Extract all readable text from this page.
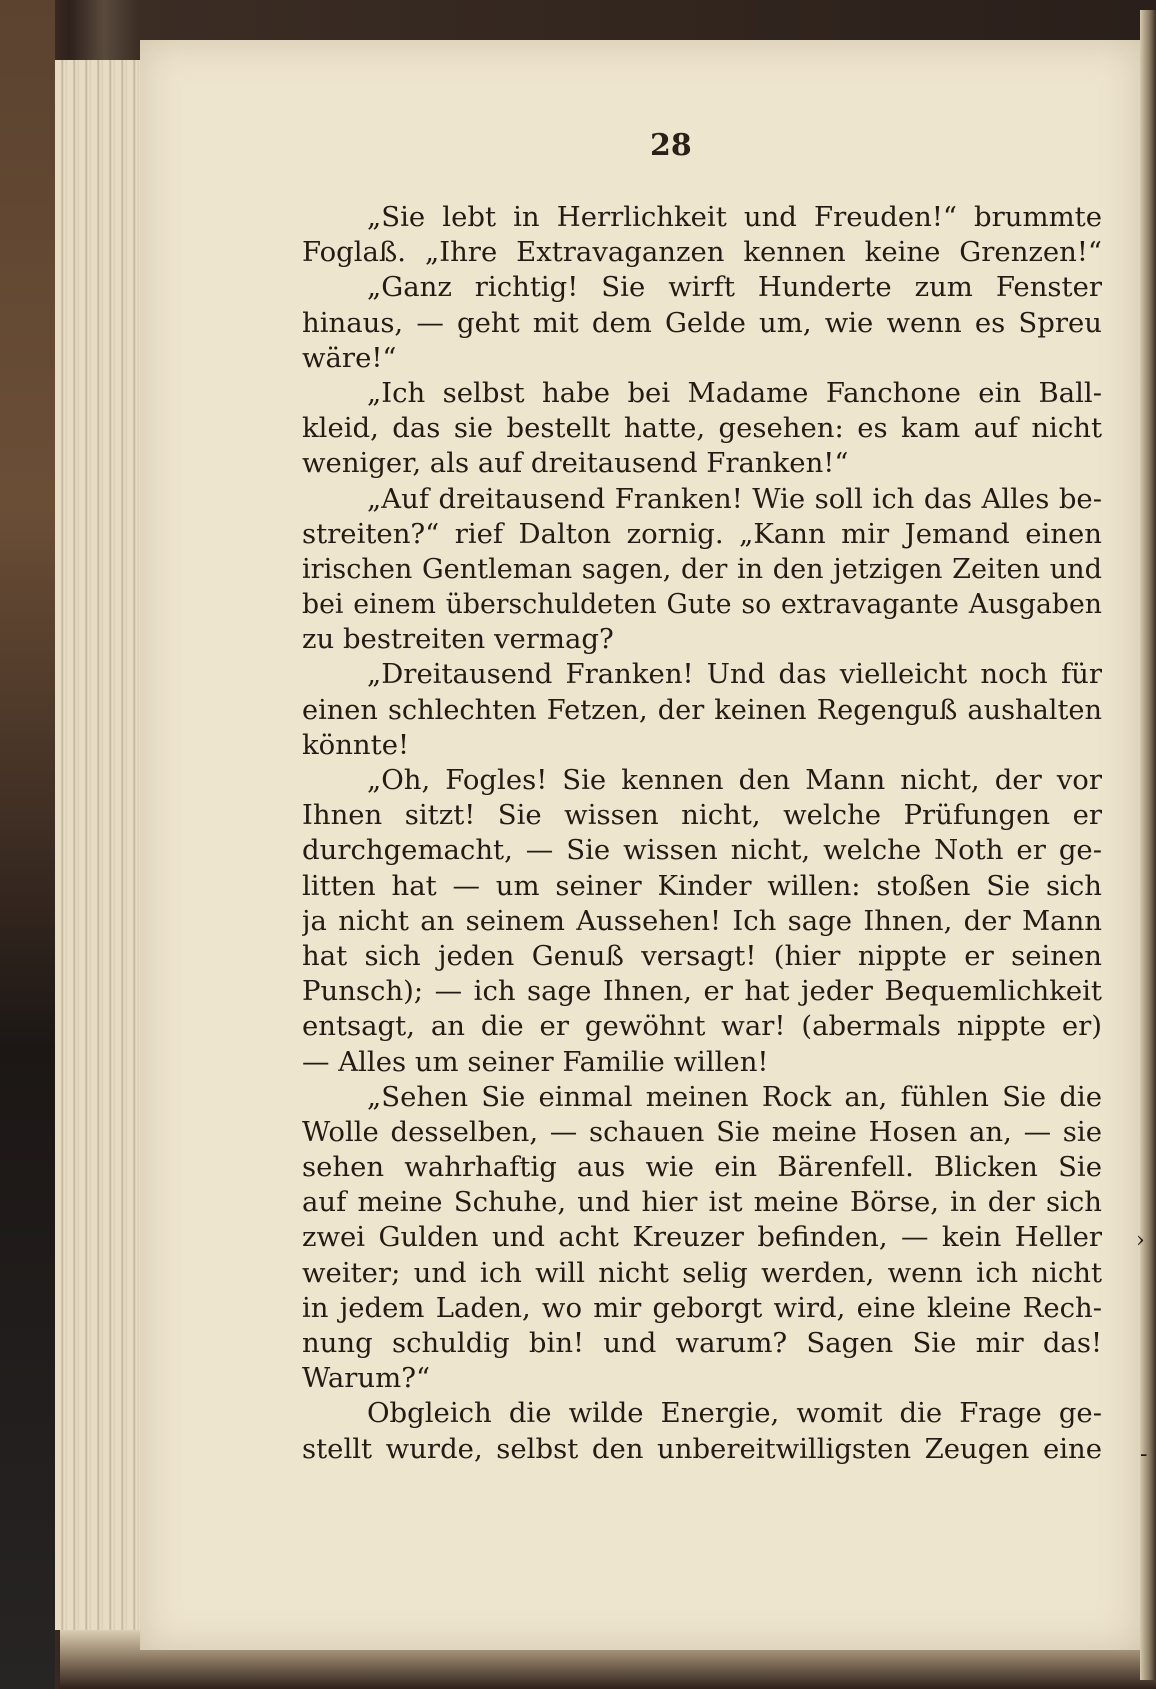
28
„Sie lebt in Herrlichkeit und Freuden!“ brummte
Foglaß. „Ihre Extravaganzen kennen keine Grenzen!“
„Ganz richtig! Sie wirft Hunderte zum Fenster
hinaus, — geht mit dem Gelde um, wie wenn es Spreu
wäre!“
„Ich selbst habe bei Madame Fanchone ein Ball-
kleid, das sie bestellt hatte, gesehen: es kam auf nicht
weniger, als auf dreitausend Franken!“
„Auf dreitausend Franken! Wie soll ich das Alles be-
streiten?“ rief Dalton zornig. „Kann mir Jemand einen
irischen Gentleman sagen, der in den jetzigen Zeiten und
bei einem überschuldeten Gute so extravagante Ausgaben
zu bestreiten vermag?
„Dreitausend Franken! Und das vielleicht noch für
einen schlechten Fetzen, der keinen Regenguß aushalten
könnte!
„Oh, Fogles! Sie kennen den Mann nicht, der vor
Ihnen sitzt! Sie wissen nicht, welche Prüfungen er
durchgemacht, — Sie wissen nicht, welche Noth er ge-
litten hat — um seiner Kinder willen: stoßen Sie sich
ja nicht an seinem Aussehen! Ich sage Ihnen, der Mann
hat sich jeden Genuß versagt! (hier nippte er seinen
Punsch); — ich sage Ihnen, er hat jeder Bequemlichkeit
entsagt, an die er gewöhnt war! (abermals nippte er)
— Alles um seiner Familie willen!
„Sehen Sie einmal meinen Rock an, fühlen Sie die
Wolle desselben, — schauen Sie meine Hosen an, — sie
sehen wahrhaftig aus wie ein Bärenfell. Blicken Sie
auf meine Schuhe, und hier ist meine Börse, in der sich
zwei Gulden und acht Kreuzer befinden, — kein Heller
weiter; und ich will nicht selig werden, wenn ich nicht
in jedem Laden, wo mir geborgt wird, eine kleine Rech-
nung schuldig bin! und warum? Sagen Sie mir das!
Warum?“
Obgleich die wilde Energie, womit die Frage ge-
stellt wurde, selbst den unbereitwilligsten Zeugen eine
›
-
